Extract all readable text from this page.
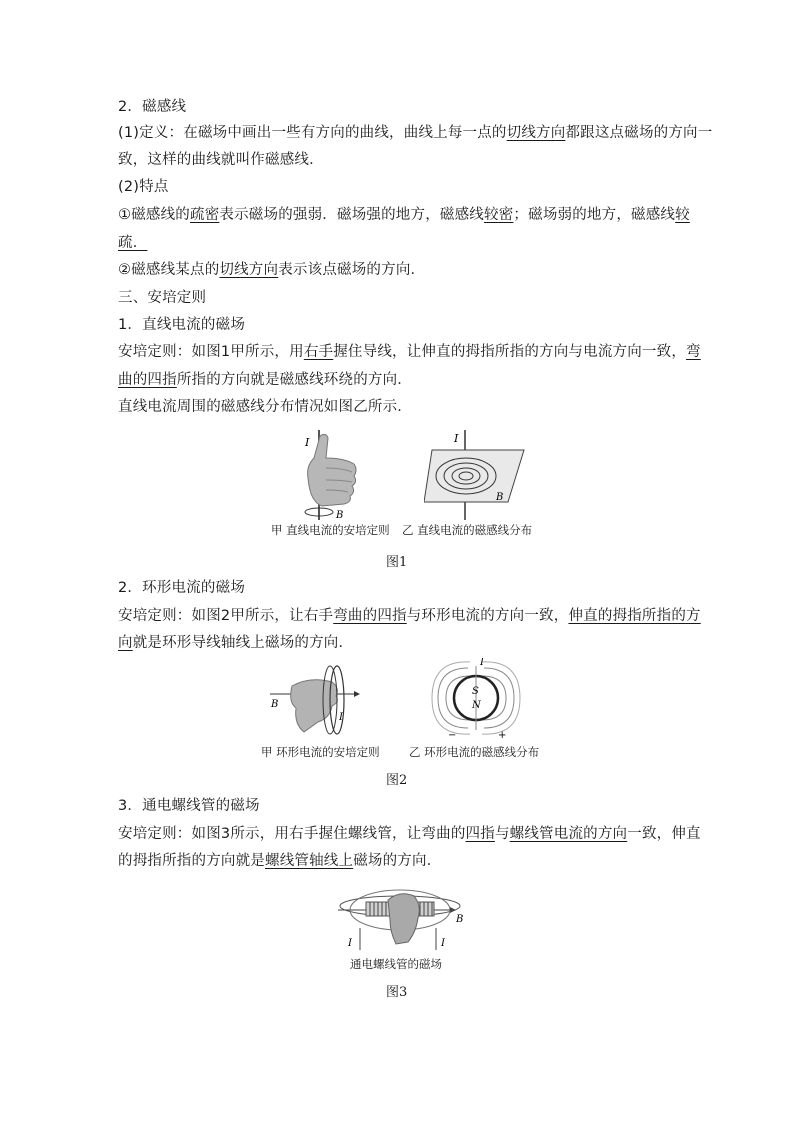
2．磁感线
(1)定义：在磁场中画出一些有方向的曲线，曲线上每一点的切线方向都跟这点磁场的方向一
致，这样的曲线就叫作磁感线．
(2)特点
①磁感线的疏密表示磁场的强弱．磁场强的地方，磁感线较密；磁场弱的地方，磁感线较
疏．
②磁感线某点的切线方向表示该点磁场的方向．
三、安培定则
1．直线电流的磁场
安培定则：如图1甲所示，用右手握住导线，让伸直的拇指所指的方向与电流方向一致，弯
曲的四指所指的方向就是磁感线环绕的方向．
直线电流周围的磁感线分布情况如图乙所示．
I
B
I
B
甲 直线电流的安培定则 乙 直线电流的磁感线分布
图1
2．环形电流的磁场
安培定则：如图2甲所示，让右手弯曲的四指与环形电流的方向一致，伸直的拇指所指的方
向就是环形导线轴线上磁场的方向．
B
I
S
N
I
−	+
甲 环形电流的安培定则	乙 环形电流的磁感线分布
图2
3．通电螺线管的磁场
安培定则：如图3所示，用右手握住螺线管，让弯曲的四指与螺线管电流的方向一致，伸直
的拇指所指的方向就是螺线管轴线上磁场的方向．
I	I
B
通电螺线管的磁场
图3
